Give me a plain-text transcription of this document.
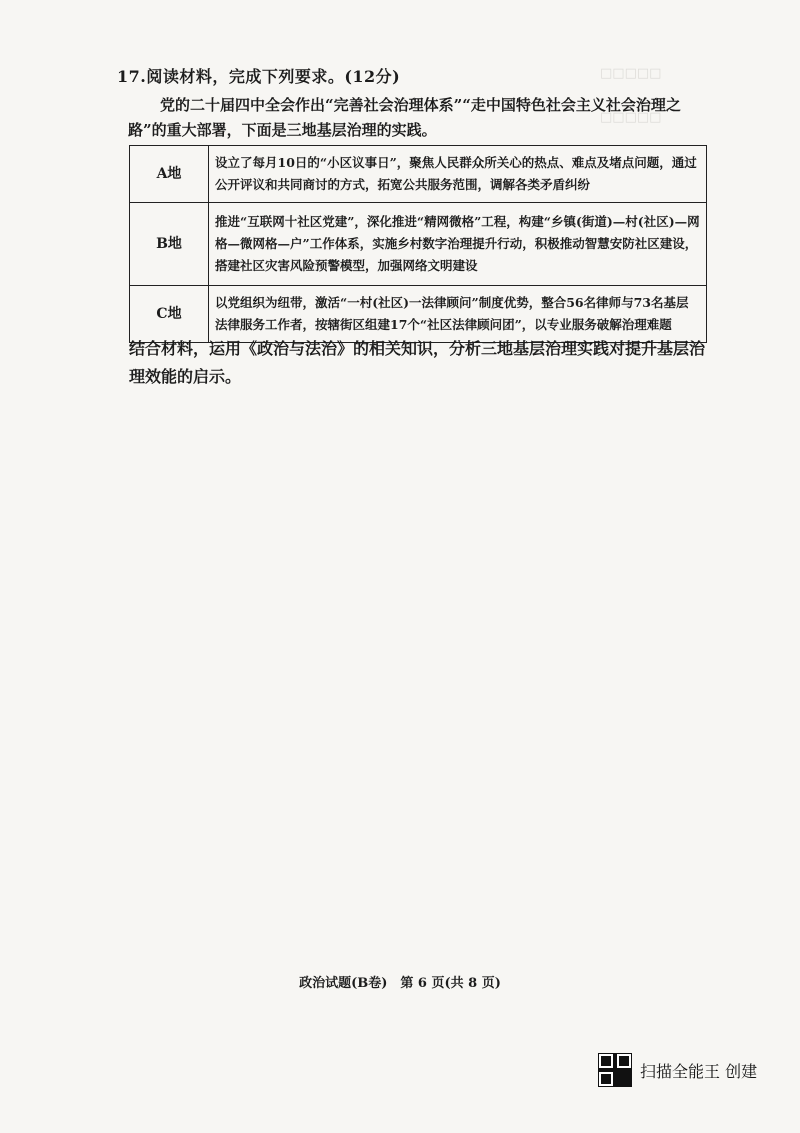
□□□□□
□□□□□
17.阅读材料，完成下列要求。(12分)
党的二十届四中全会作出“完善社会治理体系”“走中国特色社会主义社会治理之路”的重大部署，下面是三地基层治理的实践。
A地	设立了每月10日的“小区议事日”，聚焦人民群众所关心的热点、难点及堵点问题，通过公开评议和共同商讨的方式，拓宽公共服务范围，调解各类矛盾纠纷
B地	推进“互联网十社区党建”，深化推进“精网微格”工程，构建“乡镇(街道)—村(社区)—网格—微网格—户”工作体系，实施乡村数字治理提升行动，积极推动智慧安防社区建设，搭建社区灾害风险预警模型，加强网络文明建设
C地	以党组织为纽带，激活“一村(社区)一法律顾问”制度优势，整合56名律师与73名基层法律服务工作者，按辖街区组建17个“社区法律顾问团”，以专业服务破解治理难题
结合材料，运用《政治与法治》的相关知识，分析三地基层治理实践对提升基层治理效能的启示。
政治试题(B卷)　第 6 页(共 8 页)
扫描全能王 创建
